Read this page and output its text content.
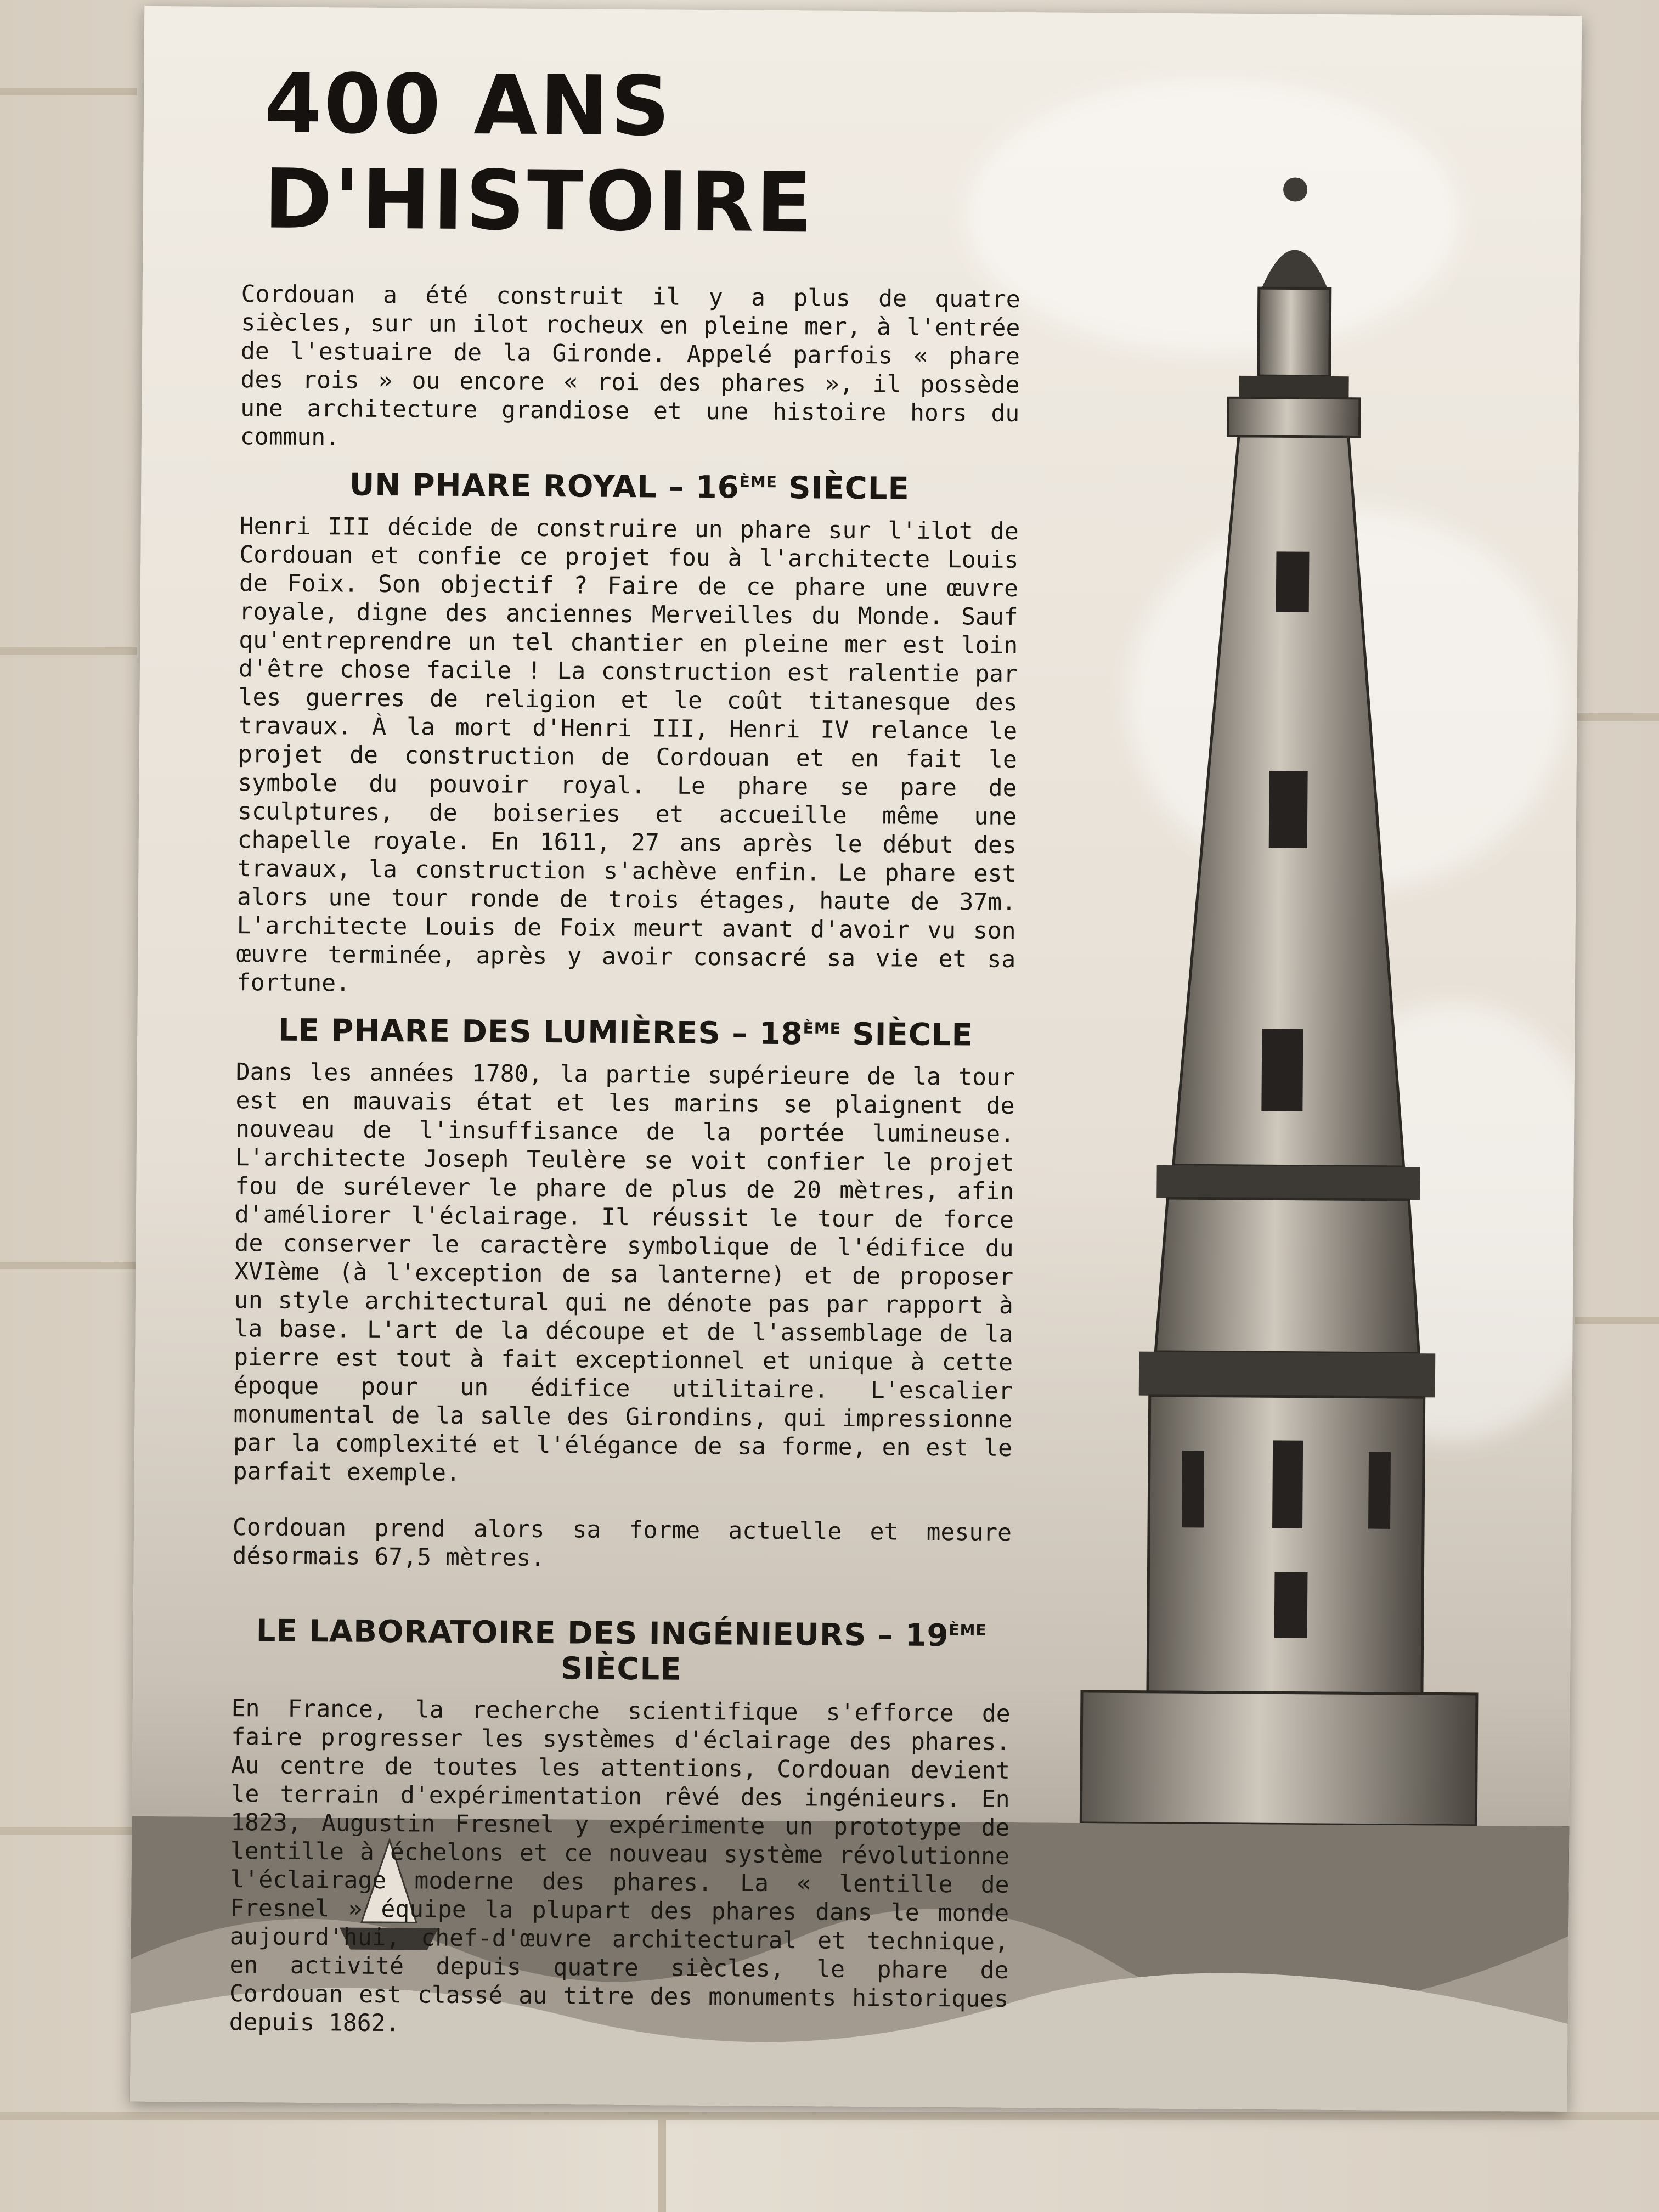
400 ANS D'HISTOIRE

Cordouan a été construit il y a plus de quatre siècles, sur un ilot rocheux en pleine mer, à l'entrée de l'estuaire de la Gironde. Appelé parfois « phare des rois » ou encore « roi des phares », il possède une architecture grandiose et une histoire hors du commun.

UN PHARE ROYAL – 16ÈME SIÈCLE

Henri III décide de construire un phare sur l'ilot de Cordouan et confie ce projet fou à l'architecte Louis de Foix. Son objectif ? Faire de ce phare une œuvre royale, digne des anciennes Merveilles du Monde. Sauf qu'entreprendre un tel chantier en pleine mer est loin d'être chose facile ! La construction est ralentie par les guerres de religion et le coût titanesque des travaux. À la mort d'Henri III, Henri IV relance le projet de construction de Cordouan et en fait le symbole du pouvoir royal. Le phare se pare de sculptures, de boiseries et accueille même une chapelle royale. En 1611, 27 ans après le début des travaux, la construction s'achève enfin. Le phare est alors une tour ronde de trois étages, haute de 37m. L'architecte Louis de Foix meurt avant d'avoir vu son œuvre terminée, après y avoir consacré sa vie et sa fortune.

LE PHARE DES LUMIÈRES – 18ÈME SIÈCLE

Dans les années 1780, la partie supérieure de la tour est en mauvais état et les marins se plaignent de nouveau de l'insuffisance de la portée lumineuse. L'architecte Joseph Teulère se voit confier le projet fou de surélever le phare de plus de 20 mètres, afin d'améliorer l'éclairage. Il réussit le tour de force de conserver le caractère symbolique de l'édifice du XVIème (à l'exception de sa lanterne) et de proposer un style architectural qui ne dénote pas par rapport à la base. L'art de la découpe et de l'assemblage de la pierre est tout à fait exceptionnel et unique à cette époque pour un édifice utilitaire. L'escalier monumental de la salle des Girondins, qui impressionne par la complexité et l'élégance de sa forme, en est le parfait exemple.

Cordouan prend alors sa forme actuelle et mesure désormais 67,5 mètres.

LE LABORATOIRE DES INGÉNIEURS – 19ÈME SIÈCLE

En France, la recherche scientifique s'efforce de faire progresser les systèmes d'éclairage des phares. Au centre de toutes les attentions, Cordouan devient le terrain d'expérimentation rêvé des ingénieurs. En 1823, Augustin Fresnel y expérimente un prototype de lentille à échelons et ce nouveau système révolutionne l'éclairage moderne des phares. La « lentille de Fresnel » équipe la plupart des phares dans le monde aujourd'hui, chef-d'œuvre architectural et technique, en activité depuis quatre siècles, le phare de Cordouan est classé au titre des monuments historiques depuis 1862.
